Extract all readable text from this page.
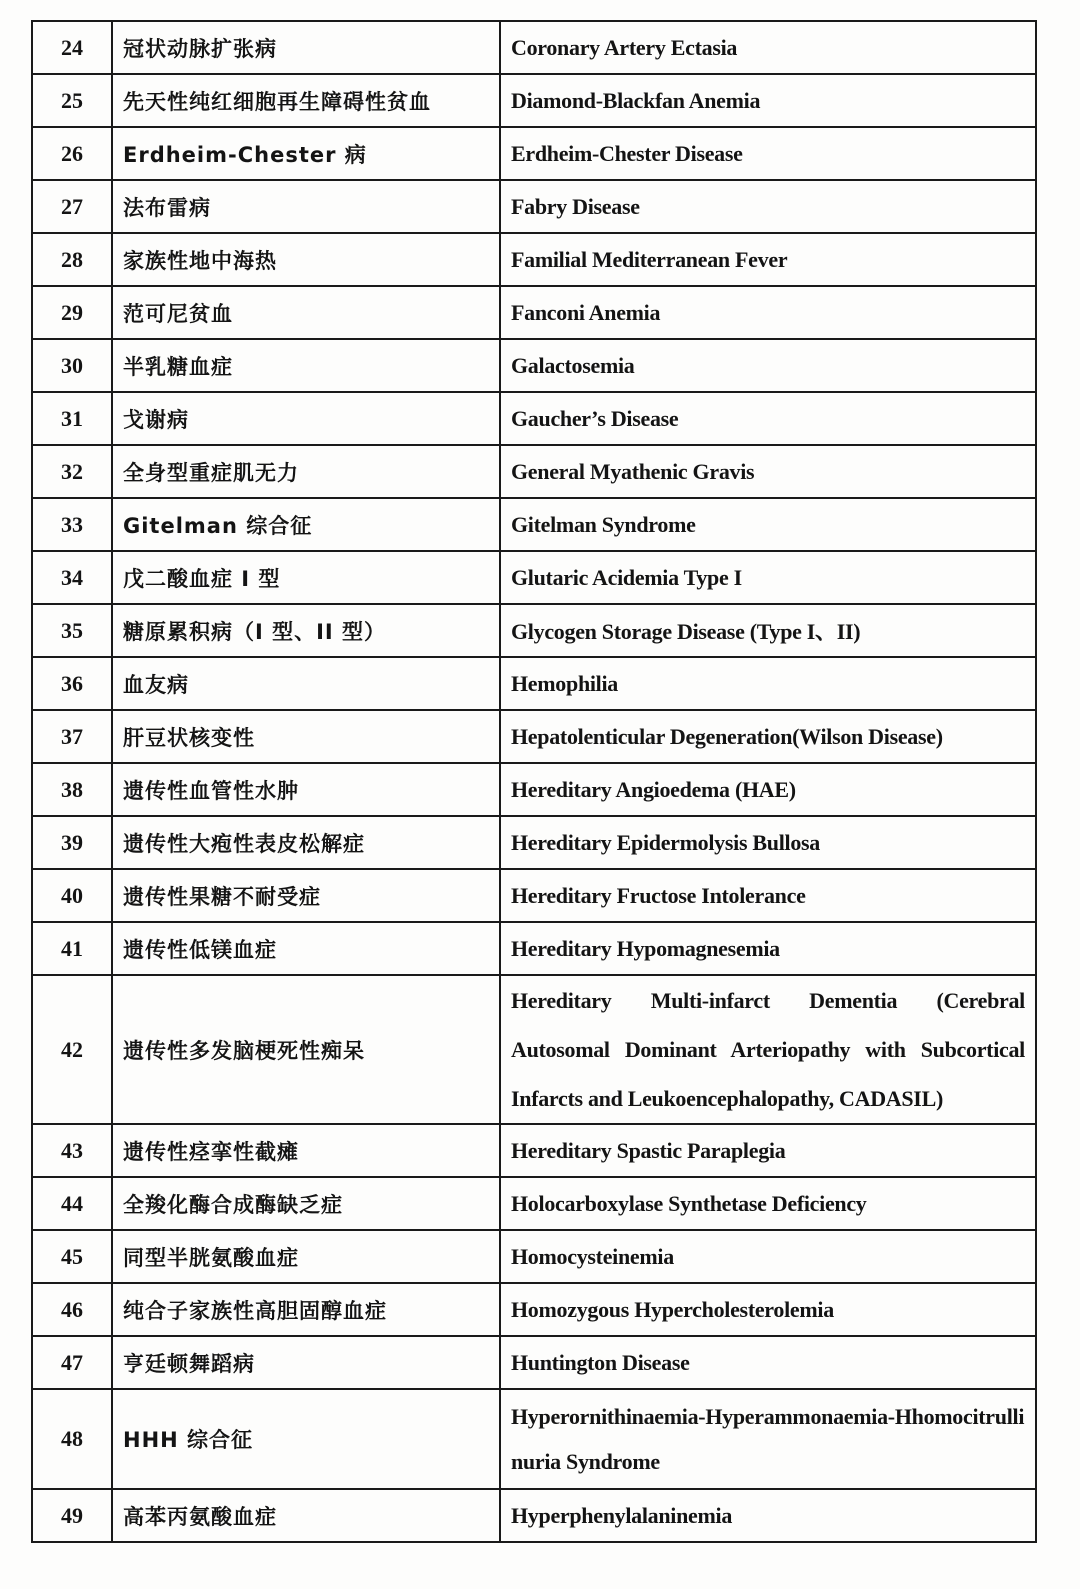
24	冠状动脉扩张病	Coronary Artery Ectasia
25	先天性纯红细胞再生障碍性贫血	Diamond-Blackfan Anemia
26	Erdheim-Chester 病	Erdheim-Chester Disease
27	法布雷病	Fabry Disease
28	家族性地中海热	Familial Mediterranean Fever
29	范可尼贫血	Fanconi Anemia
30	半乳糖血症	Galactosemia
31	戈谢病	Gaucher’s Disease
32	全身型重症肌无力	General Myathenic Gravis
33	Gitelman 综合征	Gitelman Syndrome
34	戊二酸血症 I 型	Glutaric Acidemia Type I
35	糖原累积病（I 型、II 型）	Glycogen Storage Disease (Type I、II)
36	血友病	Hemophilia
37	肝豆状核变性	Hepatolenticular Degeneration(Wilson Disease)
38	遗传性血管性水肿	Hereditary Angioedema (HAE)
39	遗传性大疱性表皮松解症	Hereditary Epidermolysis Bullosa
40	遗传性果糖不耐受症	Hereditary Fructose Intolerance
41	遗传性低镁血症	Hereditary Hypomagnesemia
42	遗传性多发脑梗死性痴呆	Hereditary Multi-infarct Dementia (Cerebral Autosomal Dominant Arteriopathy with Subcortical Infarcts and Leukoencephalopathy, CADASIL)
43	遗传性痉挛性截瘫	Hereditary Spastic Paraplegia
44	全羧化酶合成酶缺乏症	Holocarboxylase Synthetase Deficiency
45	同型半胱氨酸血症	Homocysteinemia
46	纯合子家族性高胆固醇血症	Homozygous Hypercholesterolemia
47	亨廷顿舞蹈病	Huntington Disease
48	HHH 综合征	Hyperornithinaemia-Hyperammonaemia-Hhomocitrullinuria Syndrome
49	高苯丙氨酸血症	Hyperphenylalaninemia
